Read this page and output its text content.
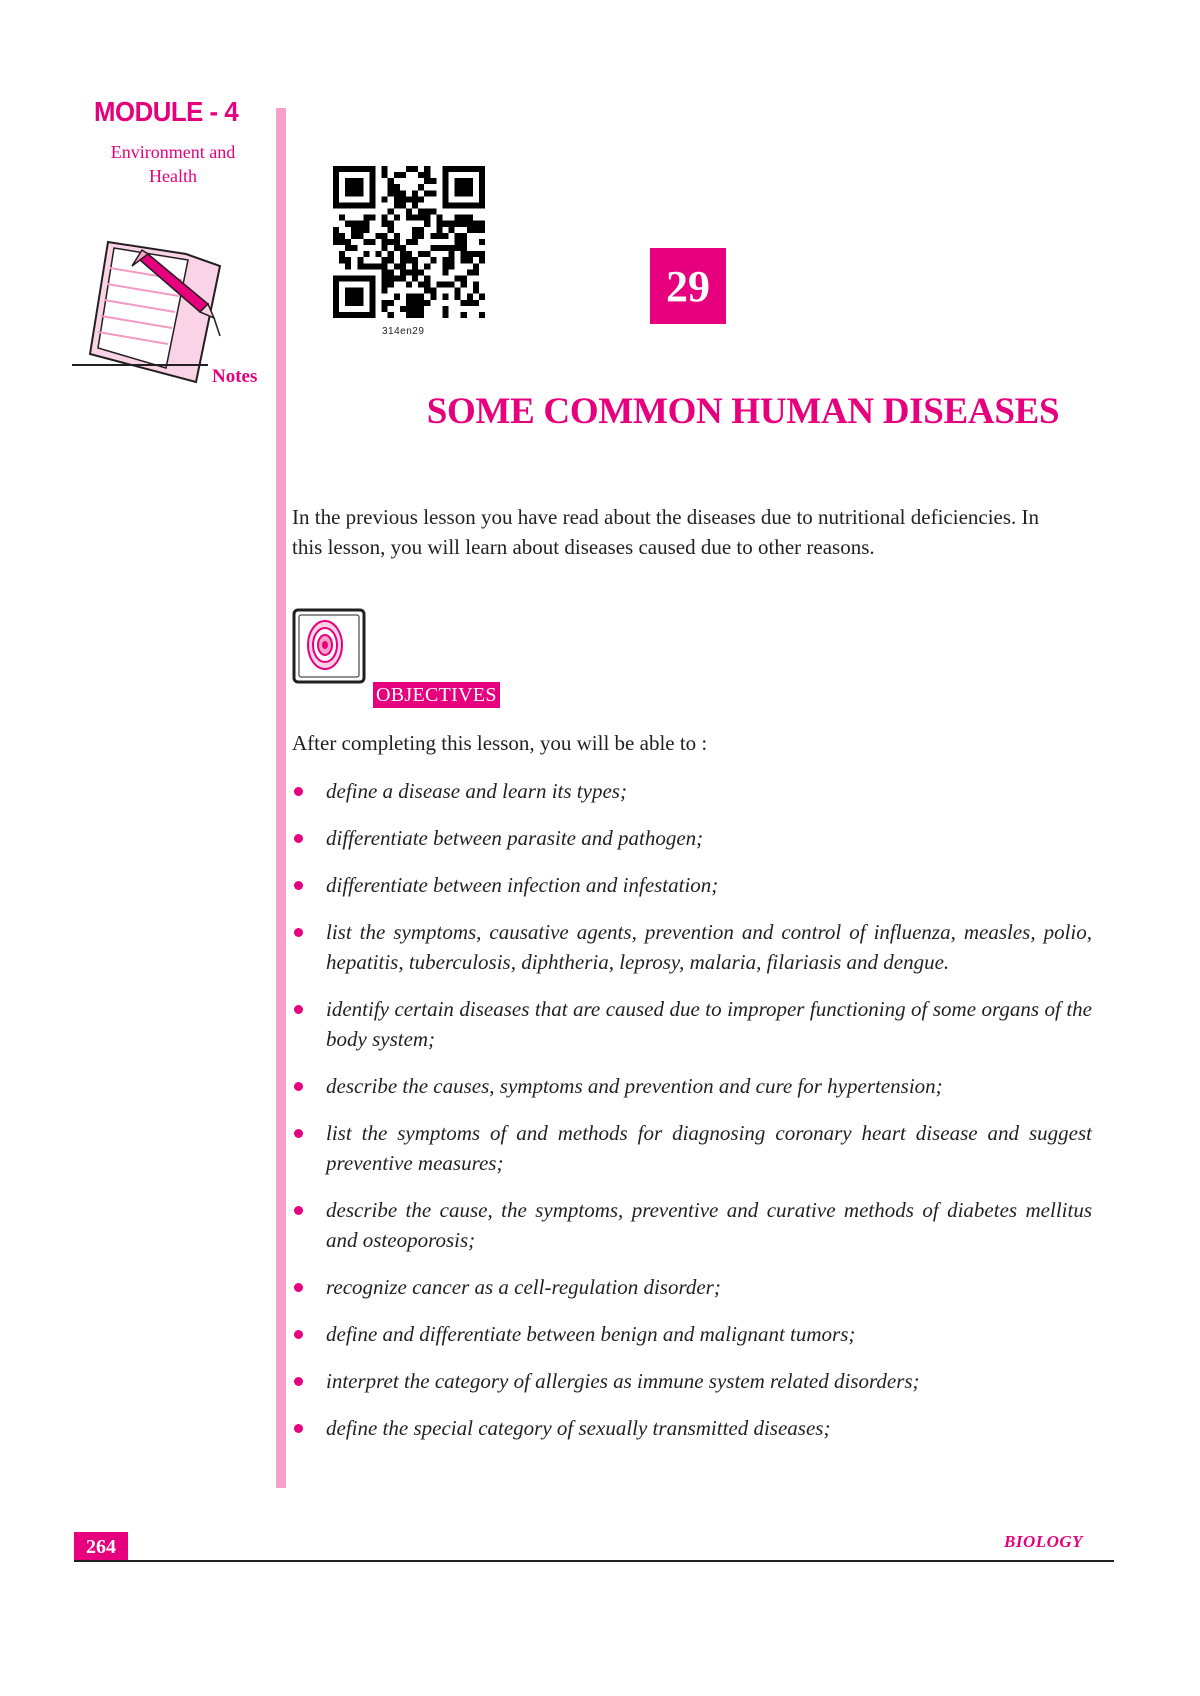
MODULE - 4
Environment and Health
Notes
314en29
29
SOME COMMON HUMAN DISEASES
In the previous lesson you have read about the diseases due to nutritional deficiencies. In this lesson, you will learn about diseases caused due to other reasons.
OBJECTIVES
After completing this lesson, you will be able to :
define a disease and learn its types;
differentiate between parasite and pathogen;
differentiate between infection and infestation;
list the symptoms, causative agents, prevention and control of influenza, measles, polio, hepatitis, tuberculosis, diphtheria, leprosy, malaria, filariasis and dengue.
identify certain diseases that are caused due to improper functioning of some organs of the body system;
describe the causes, symptoms and prevention and cure for hypertension;
list the symptoms of and methods for diagnosing coronary heart disease and suggest preventive measures;
describe the cause, the symptoms, preventive and curative methods of diabetes mellitus and osteoporosis;
recognize cancer as a cell-regulation disorder;
define and differentiate between benign and malignant tumors;
interpret the category of allergies as immune system related disorders;
define the special category of sexually transmitted diseases;
264	BIOLOGY
